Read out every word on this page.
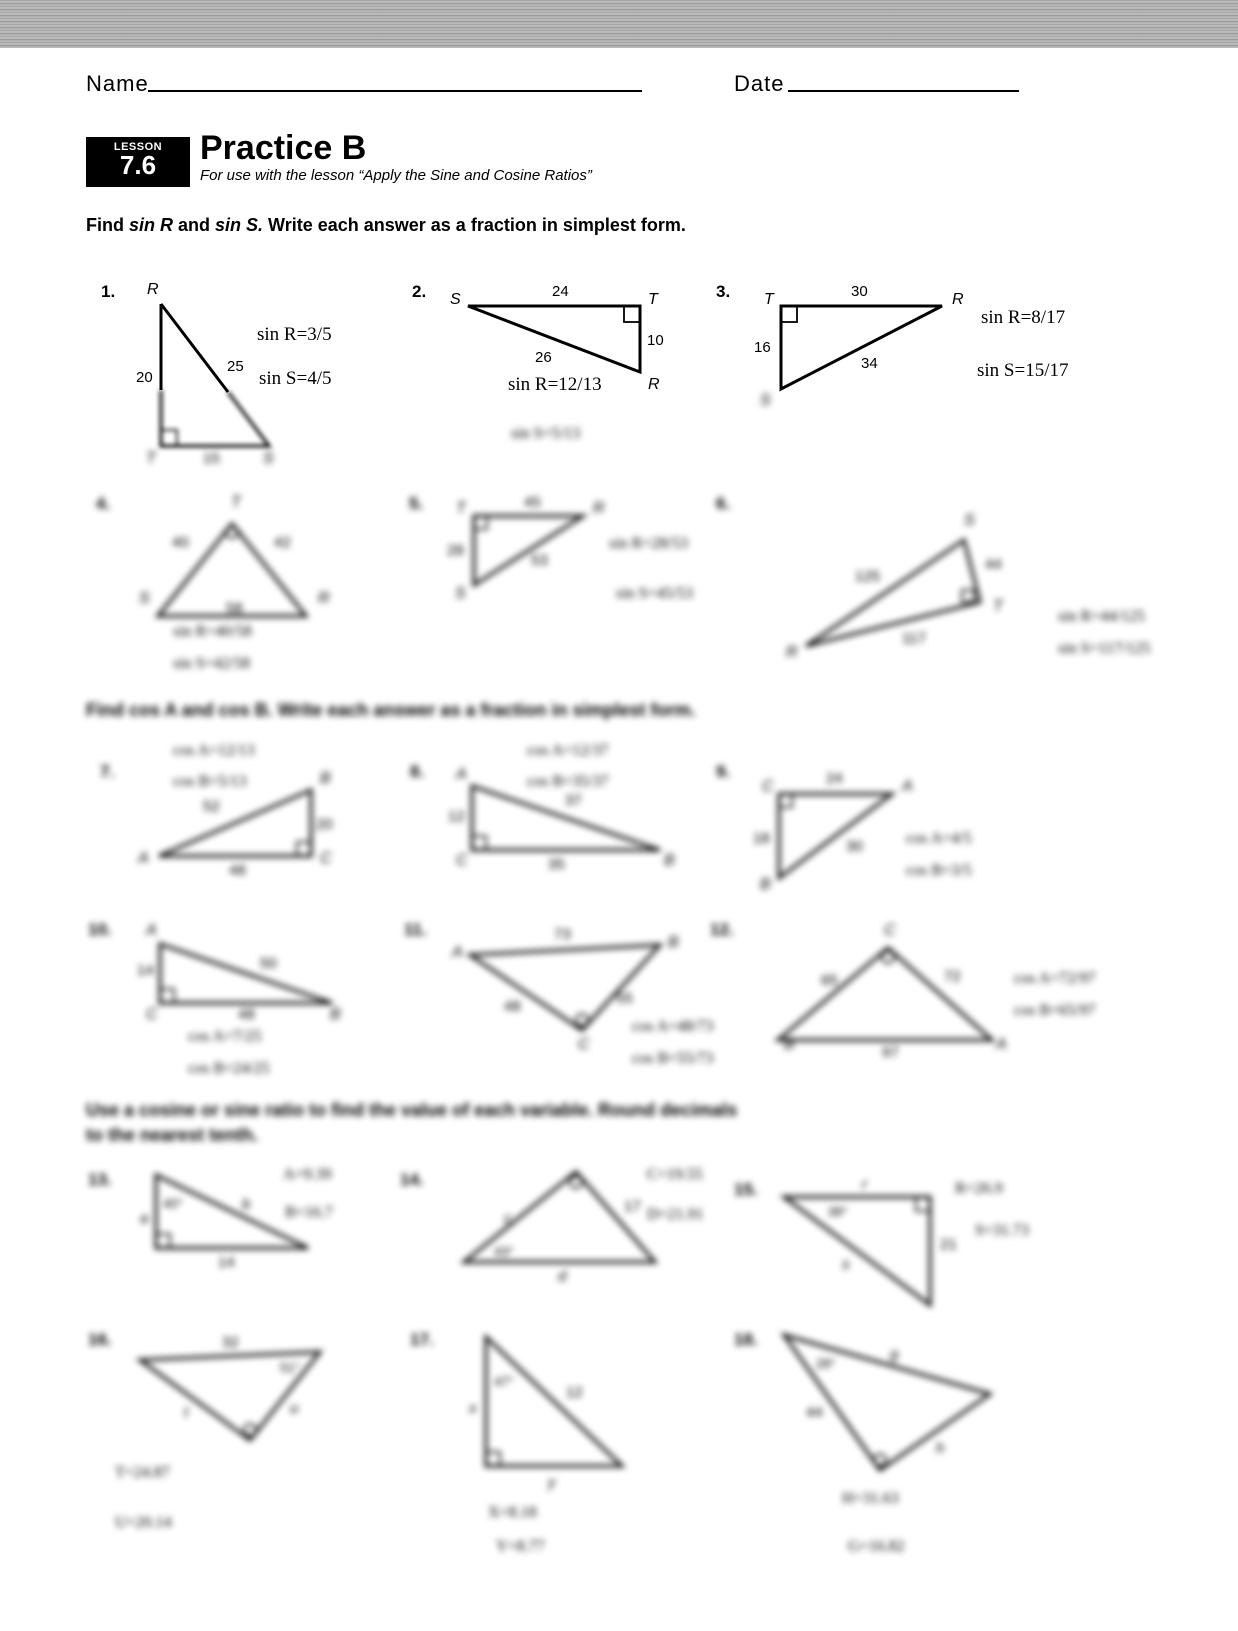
Name	Date
LESSON
7.6	Practice B
For use with the lesson “Apply the Sine and Cosine Ratios”
Find sin R and sin S. Write each answer as a fraction in simplest form.
1. R
20
25
T	15	S
sin R=3/5
sin S=4/5
2. S	T
R
24
10
26
sin R=12/13
sin S=5/13
3. T	R
S
30
16
34
sin R=8/17
sin S=15/17
4.	T
S	R
40	42
58
sin R=40/58
sin S=42/58
5. T	R
S
45
28
53
sin R=28/53
sin S=45/53
6.
S
T
R
125
44
117
sin R=44/125
sin S=117/125
Find cos A and cos B. Write each answer as a fraction in simplest form.
7.
cos A=12/13
cos B=5/13
A
B
C
52
20
48
8.
cos A=12/37
cos B=35/37
A
C	B
12
37
35
9.
C	A
B
24
18	30	cos A=4/5
cos B=3/5
10. A
C	B
14	50
48
cos A=7/25
cos B=24/25
11.
A
B
C
73
48	55
cos A=48/73
cos B=55/73
12.	C
B	A
65	72
97
cos A=72/97
cos B=65/97
Use a cosine or sine ratio to find the value of each variable. Round decimals
to the nearest tenth.
13.
a
b
14
40°
A=9.39
B=16.7
14.
c
17
d
43°
C=19.55
D=21.91
15.	r
21
s
38°
R=26.9
S=31.73
16.	32
t	u
51°
T=24.87
U=20.14
17.
x
12
y
47°
X=8.18
Y=8.77
18.
g
44
h
28°
H=31.63
G=16.82
